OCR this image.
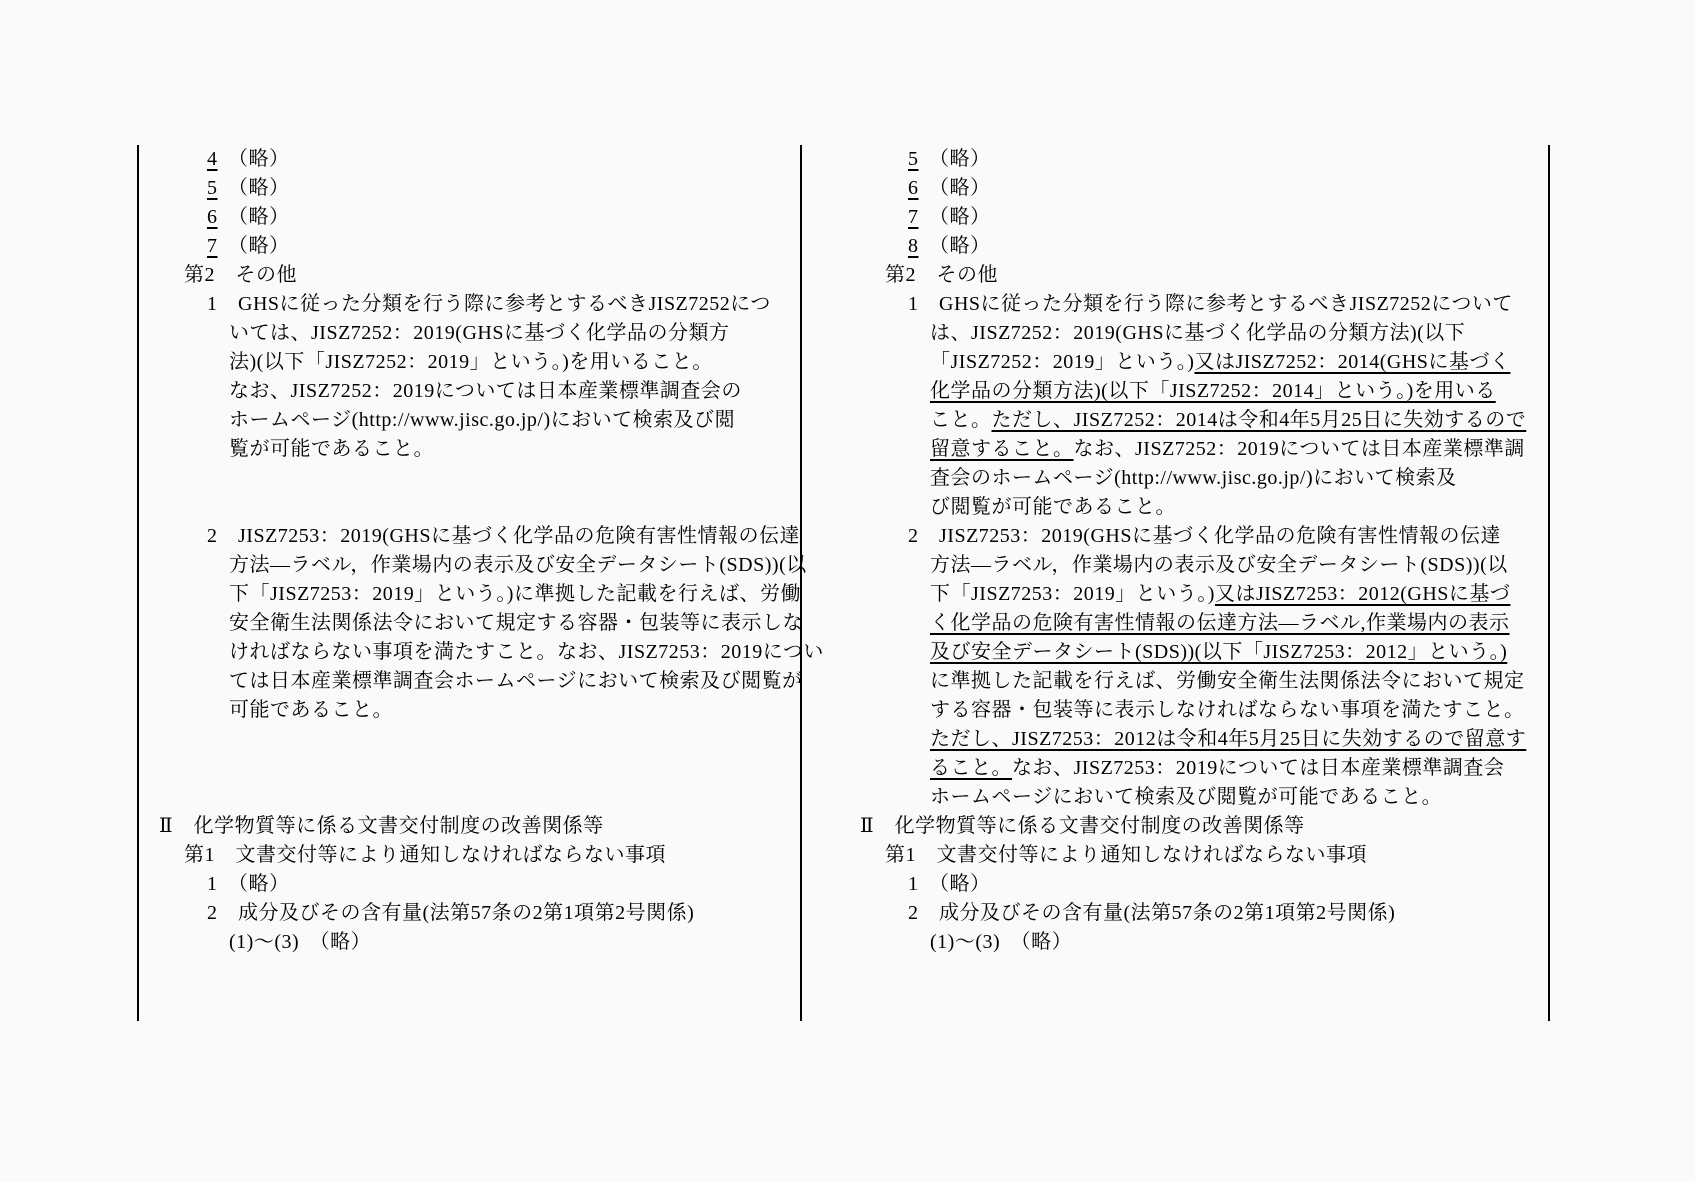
4　（略）
5　（略）
6　（略）
7　（略）
第2　その他
1　GHSに従った分類を行う際に参考とするべきJISZ7252につ
いては、JISZ7252：2019(GHSに基づく化学品の分類方
法)(以下「JISZ7252：2019」という。)を用いること。
なお、JISZ7252：2019については日本産業標準調査会の
ホームページ(http://www.jisc.go.jp/)において検索及び閲
覧が可能であること。

2　JISZ7253：2019(GHSに基づく化学品の危険有害性情報の伝達
方法―ラベル，作業場内の表示及び安全データシート(SDS))(以
下「JISZ7253：2019」という。)に準拠した記載を行えば、労働
安全衛生法関係法令において規定する容器・包装等に表示しな
ければならない事項を満たすこと。なお、JISZ7253：2019につい
ては日本産業標準調査会ホームページにおいて検索及び閲覧が
可能であること。

Ⅱ　化学物質等に係る文書交付制度の改善関係等
第1　文書交付等により通知しなければならない事項
1　（略）
2　成分及びその含有量(法第57条の2第1項第2号関係)
(1)～(3)　（略）
5　（略）
6　（略）
7　（略）
8　（略）
第2　その他
1　GHSに従った分類を行う際に参考とするべきJISZ7252について
は、JISZ7252：2019(GHSに基づく化学品の分類方法)(以下
「JISZ7252：2019」という。)又はJISZ7252：2014(GHSに基づく
化学品の分類方法)(以下「JISZ7252：2014」という。)を用いる
こと。ただし、JISZ7252：2014は令和4年5月25日に失効するので
留意すること。なお、JISZ7252：2019については日本産業標準調
査会のホームページ(http://www.jisc.go.jp/)において検索及
び閲覧が可能であること。
2　JISZ7253：2019(GHSに基づく化学品の危険有害性情報の伝達
方法―ラベル，作業場内の表示及び安全データシート(SDS))(以
下「JISZ7253：2019」という。)又はJISZ7253：2012(GHSに基づ
く化学品の危険有害性情報の伝達方法―ラベル,作業場内の表示
及び安全データシート(SDS))(以下「JISZ7253：2012」という。)
に準拠した記載を行えば、労働安全衛生法関係法令において規定
する容器・包装等に表示しなければならない事項を満たすこと。
ただし、JISZ7253：2012は令和4年5月25日に失効するので留意す
ること。なお、JISZ7253：2019については日本産業標準調査会
ホームページにおいて検索及び閲覧が可能であること。
Ⅱ　化学物質等に係る文書交付制度の改善関係等
第1　文書交付等により通知しなければならない事項
1　（略）
2　成分及びその含有量(法第57条の2第1項第2号関係)
(1)～(3)　（略）
